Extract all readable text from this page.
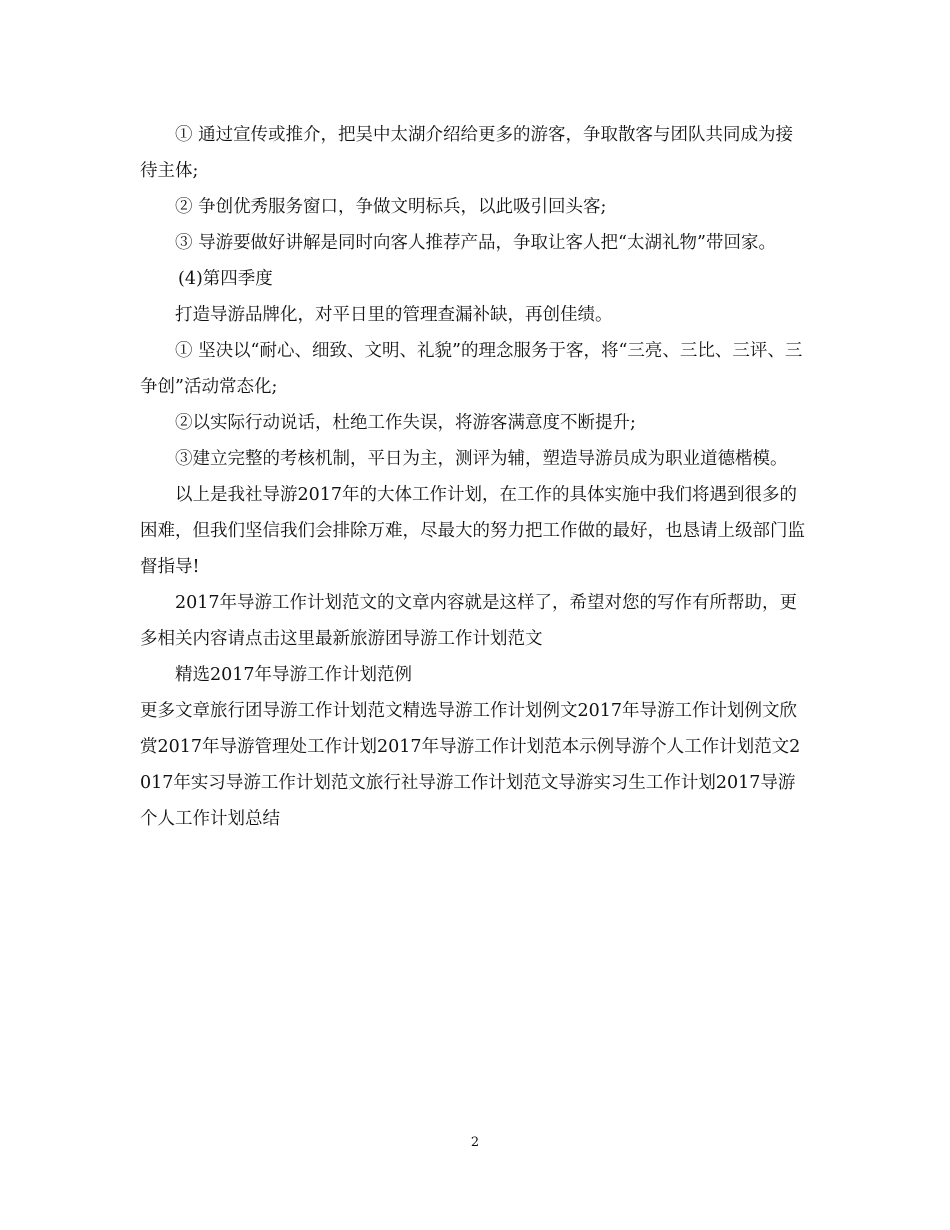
① 通过宣传或推介，把吴中太湖介绍给更多的游客，争取散客与团队共同成为接待主体;

② 争创优秀服务窗口，争做文明标兵，以此吸引回头客;

③ 导游要做好讲解是同时向客人推荐产品，争取让客人把“太湖礼物”带回家。

(4)第四季度

打造导游品牌化，对平日里的管理查漏补缺，再创佳绩。

① 坚决以“耐心、细致、文明、礼貌”的理念服务于客，将“三亮、三比、三评、三争创”活动常态化;

②以实际行动说话，杜绝工作失误，将游客满意度不断提升;

③建立完整的考核机制，平日为主，测评为辅，塑造导游员成为职业道德楷模。

以上是我社导游2017年的大体工作计划，在工作的具体实施中我们将遇到很多的困难，但我们坚信我们会排除万难，尽最大的努力把工作做的最好，也恳请上级部门监督指导!

2017年导游工作计划范文的文章内容就是这样了，希望对您的写作有所帮助，更多相关内容请点击这里最新旅游团导游工作计划范文

精选2017年导游工作计划范例

更多文章旅行团导游工作计划范文精选导游工作计划例文2017年导游工作计划例文欣赏2017年导游管理处工作计划2017年导游工作计划范本示例导游个人工作计划范文2017年实习导游工作计划范文旅行社导游工作计划范文导游实习生工作计划2017导游个人工作计划总结

2
